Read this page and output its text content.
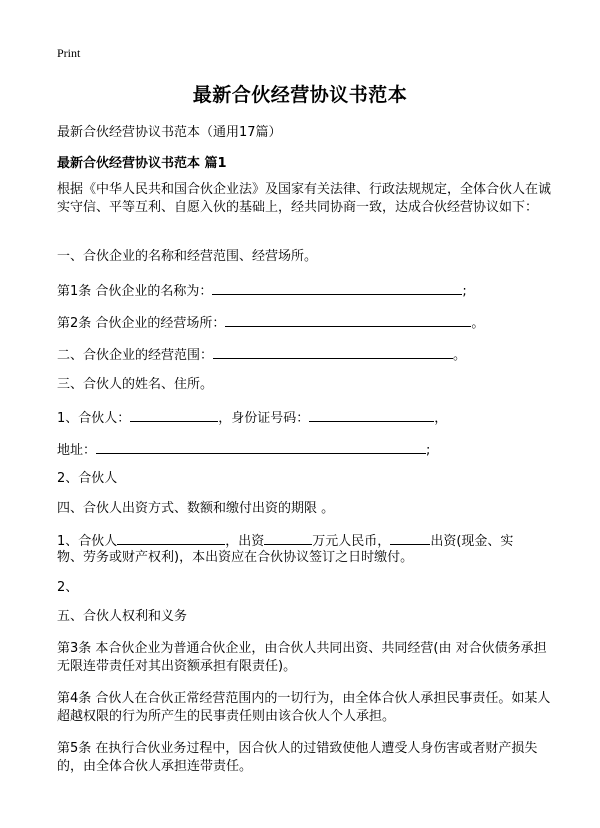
Print
最新合伙经营协议书范本
最新合伙经营协议书范本（通用17篇）
最新合伙经营协议书范本 篇1

根据《中华人民共和国合伙企业法》及国家有关法律、行政法规规定，全体合伙人在诚实守信、平等互利、自愿入伙的基础上，经共同协商一致，达成合伙经营协议如下：

一、合伙企业的名称和经营范围、经营场所。
第1条 合伙企业的名称为：	;
第2条 合伙企业的经营场所：	。
二、合伙企业的经营范围：	。
三、合伙人的姓名、住所。
1、合伙人：	，身份证号码：	，
地址：	;
2、合伙人
四、合伙人出资方式、数额和缴付出资的期限 。
1、合伙人	，出资	万元人民币，	出资(现金、实
物、劳务或财产权利)，本出资应在合伙协议签订之日时缴付。
2、
五、合伙人权利和义务

第3条 本合伙企业为普通合伙企业，由合伙人共同出资、共同经营(由 对合伙债务承担无限连带责任对其出资额承担有限责任)。

第4条 合伙人在合伙正常经营范围内的一切行为，由全体合伙人承担民事责任。如某人超越权限的行为所产生的民事责任则由该合伙人个人承担。

第5条 在执行合伙业务过程中，因合伙人的过错致使他人遭受人身伤害或者财产损失的，由全体合伙人承担连带责任。
